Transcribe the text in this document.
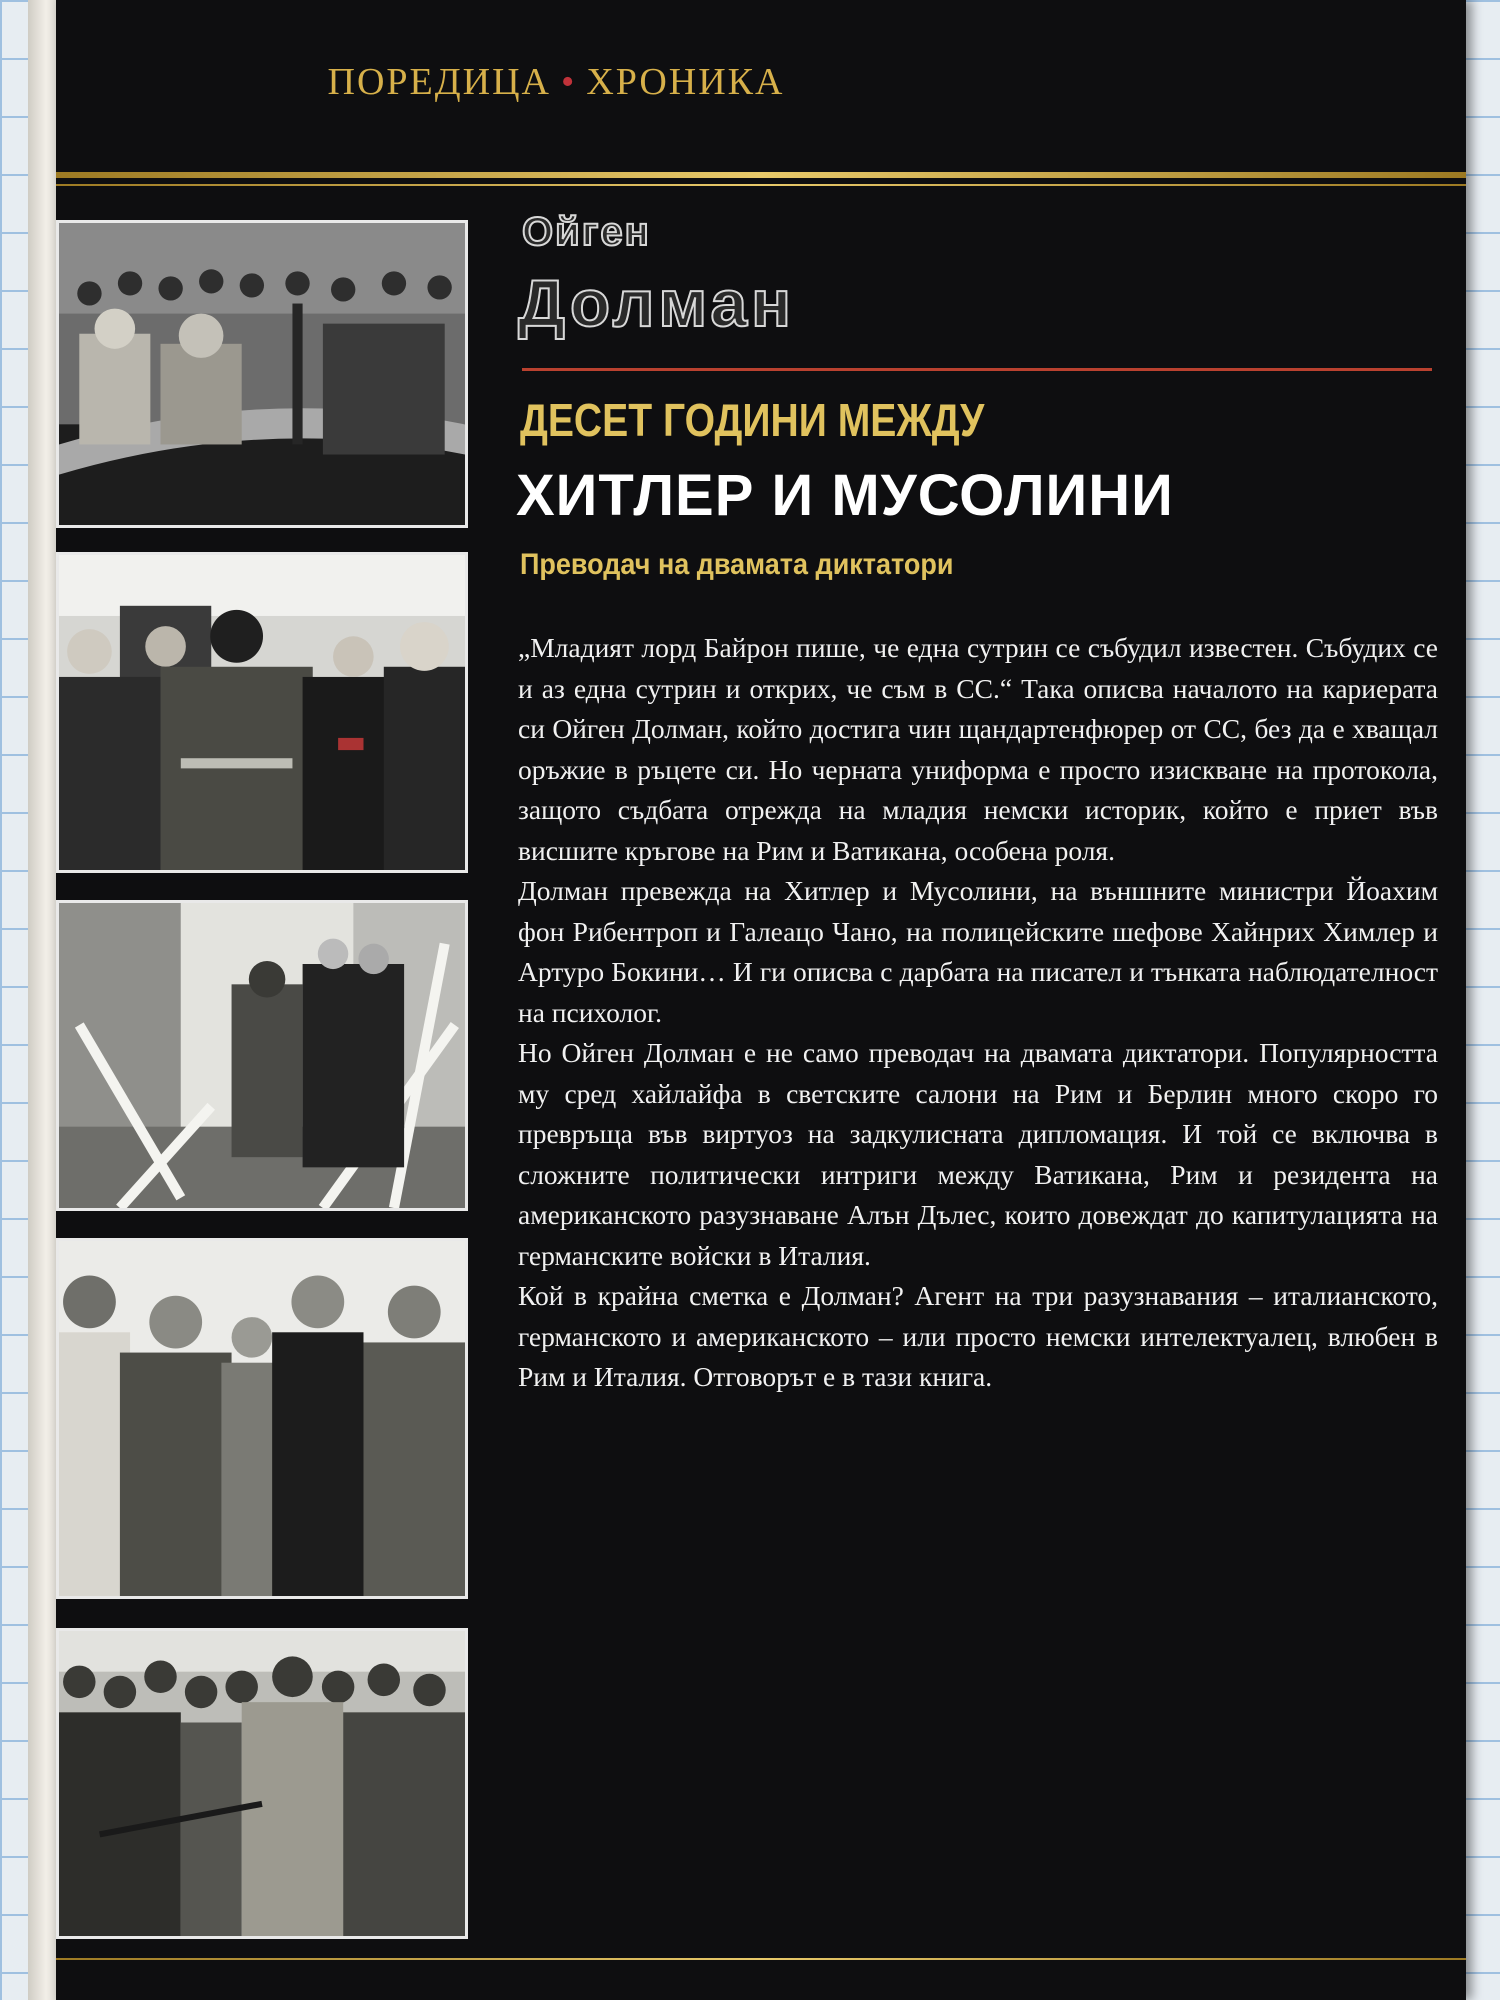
ПОРЕДИЦА • ХРОНИКА
Ойген
Долман
ДЕСЕТ ГОДИНИ МЕЖДУ
ХИТЛЕР И МУСОЛИНИ
Преводач на двамата диктатори

„Младият лорд Байрон пише, че една сутрин се събудил известен. Събудих се и аз една сутрин и открих, че съм в СС.“ Така описва началото на кариерата си Ойген Долман, който достига чин щандартенфюрер от СС, без да е хващал оръжие в ръцете си. Но черната униформа е просто изискване на протокола, защото съдбата отрежда на младия немски историк, който е приет във висшите кръгове на Рим и Ватикана, особена роля.

Долман превежда на Хитлер и Мусолини, на външните министри Йоахим фон Рибентроп и Галеацо Чано, на полицейските шефове Хайнрих Химлер и Артуро Бокини… И ги описва с дарбата на писател и тънката наблюдателност на психолог.

Но Ойген Долман е не само преводач на двамата диктатори. Популярността му сред хайлайфа в светските салони на Рим и Берлин много скоро го превръща във виртуоз на задкулисната дипломация. И той се включва в сложните политически интриги между Ватикана, Рим и резидента на американското разузнаване Алън Дълес, които довеждат до капитулацията на германските войски в Италия.

Кой в крайна сметка е Долман? Агент на три разузнавания – италианското, германското и американското – или просто немски интелектуалец, влюбен в Рим и Италия. Отговорът е в тази книга.
